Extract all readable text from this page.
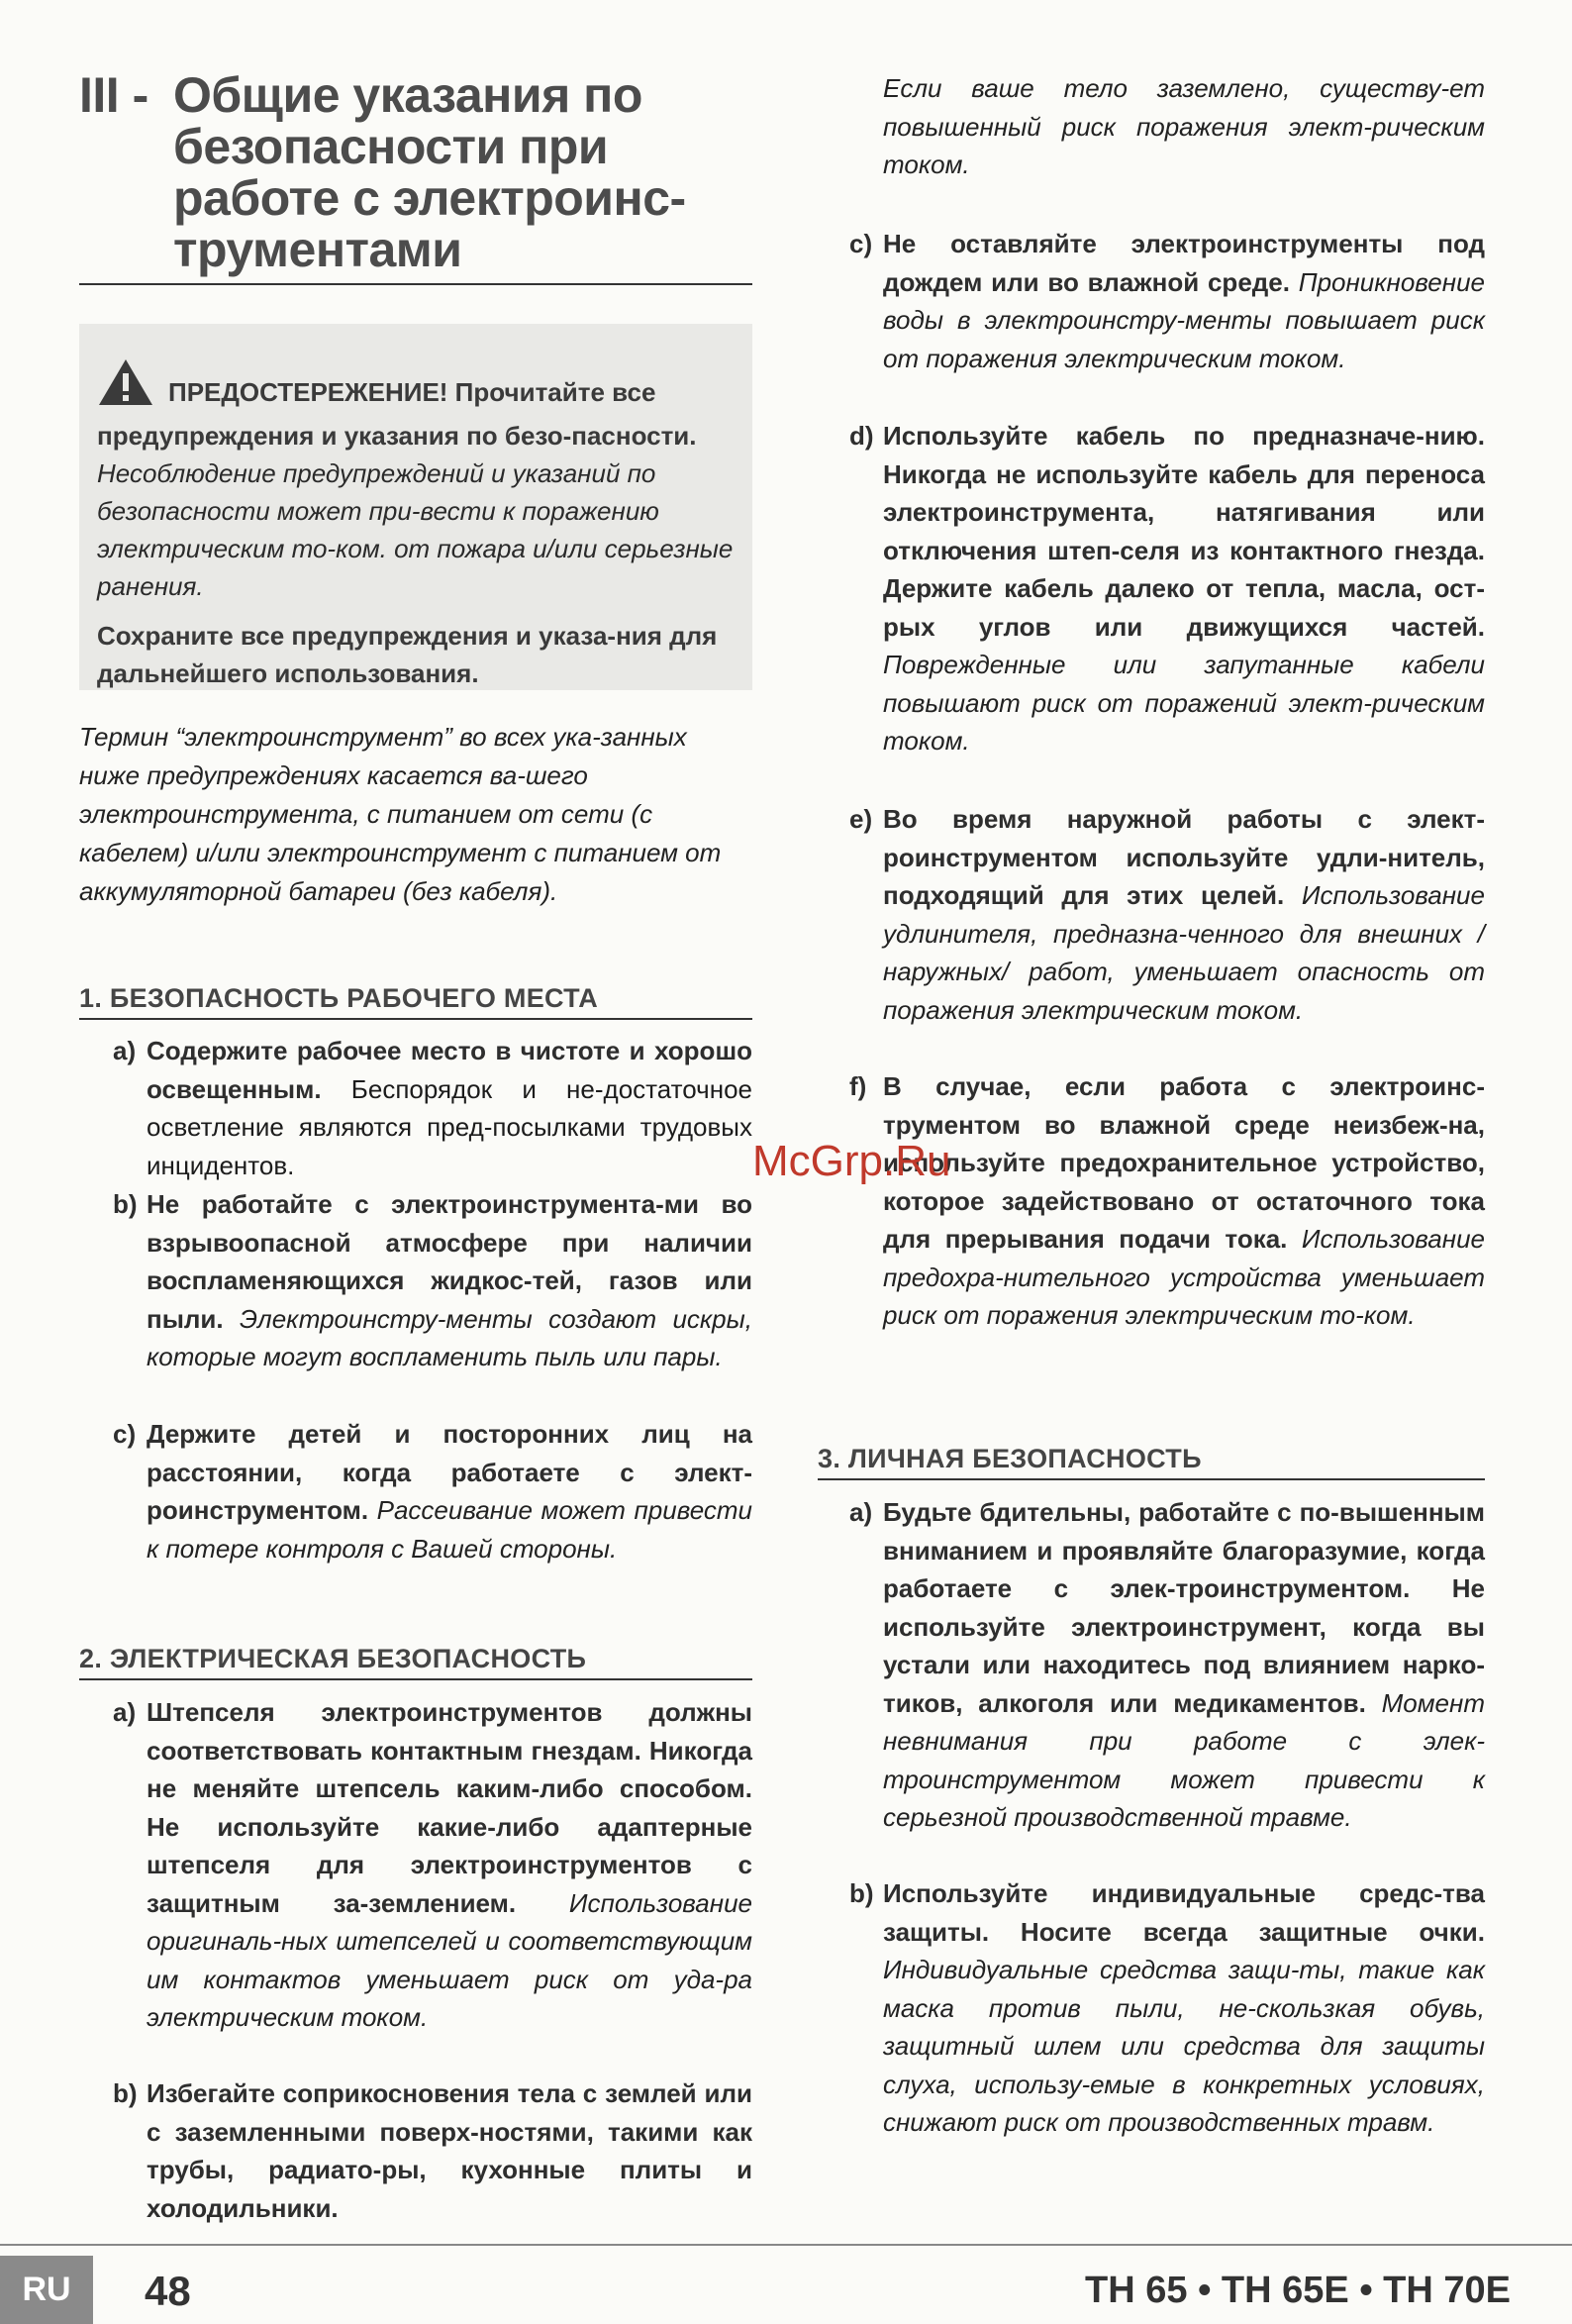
III - Общие указания по безопасности при работе с электроинс-трументами
ПРЕДОСТЕРЕЖЕНИЕ! Прочитайте все предупреждения и указания по безо-пасности. Несоблюдение предупреждений и указаний по безопасности может при-вести к поражению электрическим то-ком. от пожара и/или серьезные ранения.
Сохраните все предупреждения и указа-ния для дальнейшего использования.
Термин “электроинструмент” во всех ука-занных ниже предупреждениях касается ва-шего электроинструмента, с питанием от сети (с кабелем) и/или электроинструмент с питанием от аккумуляторной батареи (без кабеля).
1. БЕЗОПАСНОСТЬ РАБОЧЕГО МЕСТА
a) Содержите рабочее место в чистоте и хорошо освещенным. Беспорядок и не-достаточное осветление являются пред-посылками трудовых инцидентов.
b) Не работайте с электроинструмента-ми во взрывоопасной атмосфере при наличии воспламеняющихся жидкос-тей, газов или пыли. Электроинстру-менты создают искры, которые могут воспламенить пыль или пары.
c) Держите детей и посторонних лиц на расстоянии, когда работаете с элект-роинструментом. Рассеивание может привести к потере контроля с Вашей стороны.
2. ЭЛЕКТРИЧЕСКАЯ БЕЗОПАСНОСТЬ
a) Штепселя электроинструментов должны соответствовать контактным гнездам. Никогда не меняйте штепсель каким-либо способом. Не используйте какие-либо адаптерные штепселя для электроинструментов с защитным за-землением. Использование оригиналь-ных штепселей и соответствующим им контактов уменьшает риск от уда-ра электрическим током.
b) Избегайте соприкосновения тела с землей или с заземленными поверх-ностями, такими как трубы, радиато-ры, кухонные плиты и холодильники.
Если ваше тело заземлено, существу-ет повышенный риск поражения элект-рическим током.
c) Не оставляйте электроинструменты под дождем или во влажной среде. Проникновение воды в электроинстру-менты повышает риск от поражения электрическим током.
d) Используйте кабель по предназначе-нию. Никогда не используйте кабель для переноса электроинструмента, натягивания или отключения штеп-селя из контактного гнезда. Держите кабель далеко от тепла, масла, ост-рых углов или движущихся частей. Поврежденные или запутанные кабели повышают риск от поражений элект-рическим током.
e) Во время наружной работы с элект-роинструментом используйте удли-нитель, подходящий для этих целей. Использование удлинителя, предназна-ченного для внешних /наружных/ работ, уменьшает опасность от поражения электрическим током.
f) В случае, если работа с электроинс-трументом во влажной среде неизбеж-на, используйте предохранительное устройство, которое задействовано от остаточного тока для прерывания подачи тока. Использование предохра-нительного устройства уменьшает риск от поражения электрическим то-ком.
3. ЛИЧНАЯ БЕЗОПАСНОСТЬ
a) Будьте бдительны, работайте с по-вышенным вниманием и проявляйте благоразумие, когда работаете с элек-троинструментом. Не используйте электроинструмент, когда вы устали или находитесь под влиянием нарко-тиков, алкоголя или медикаментов. Момент невнимания при работе с элек-троинструментом может привести к серьезной производственной травме.
b) Используйте индивидуальные средс-тва защиты. Носите всегда защитные очки. Индивидуальные средства защи-ты, такие как маска против пыли, не-скользкая обувь, защитный шлем или средства для защиты слуха, использу-емые в конкретных условиях, снижают риск от производственных травм.
McGrp.Ru
RU	48	TH 65 • TH 65E • TH 70E
